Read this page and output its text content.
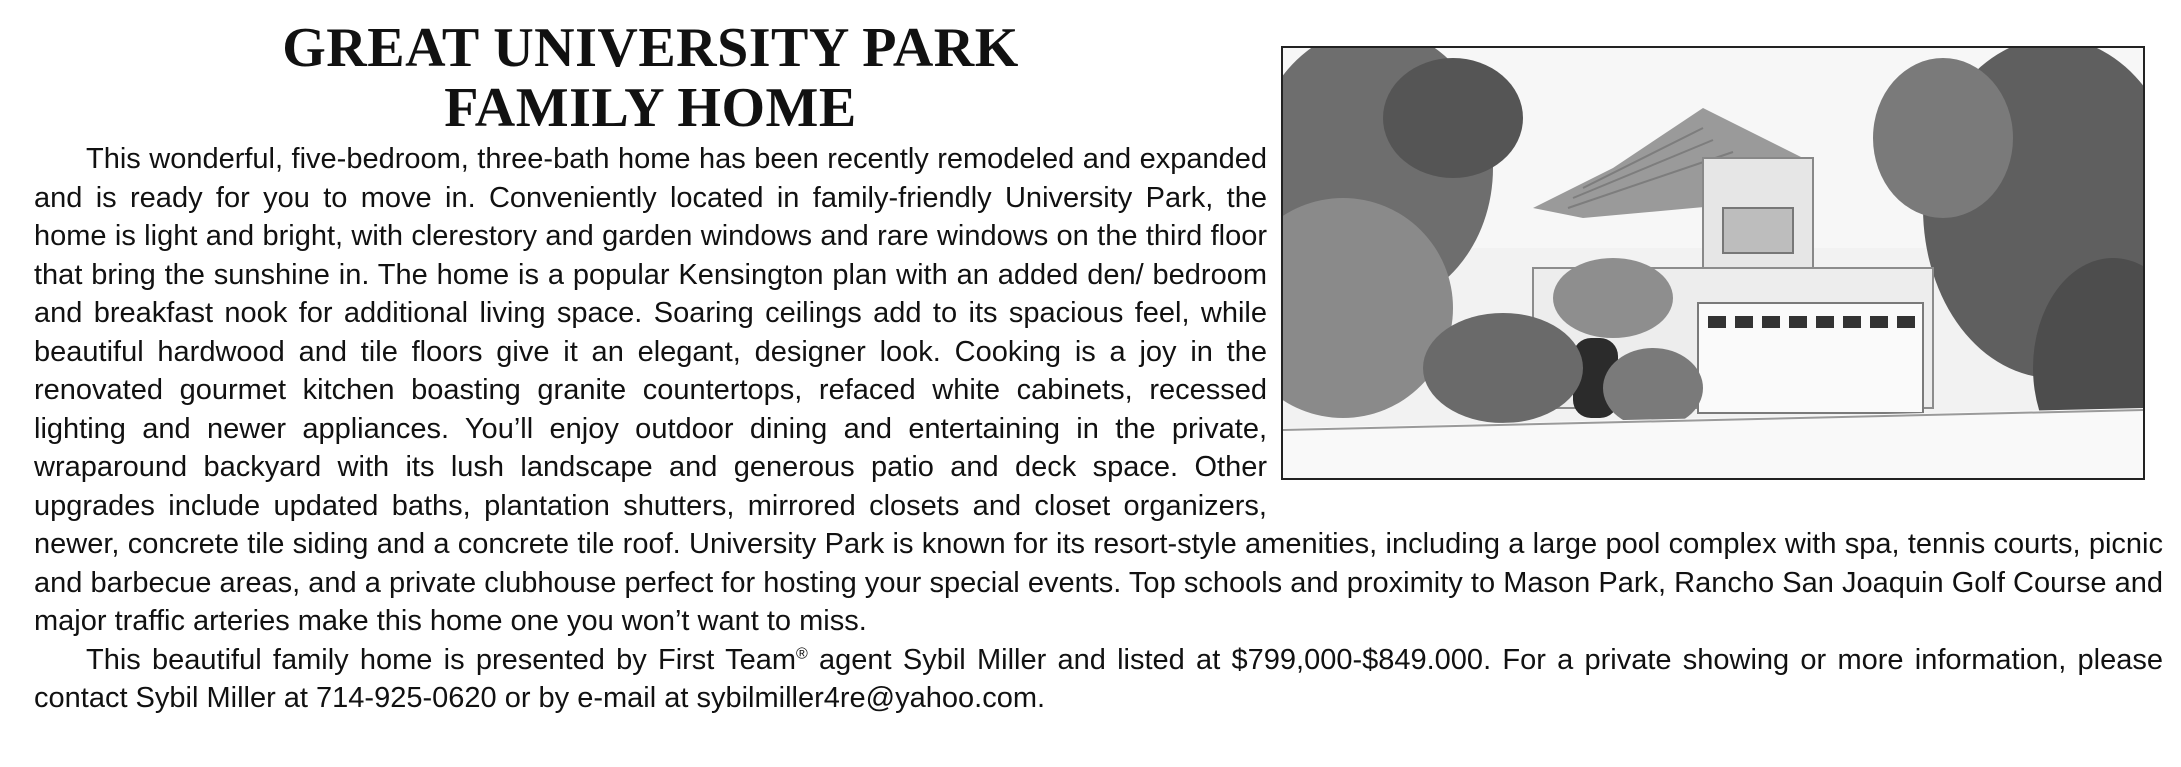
GREAT UNIVERSITY PARK
FAMILY HOME

This wonderful, five-bedroom, three-bath home has been recently remodeled and expanded and is ready for you to move in. Conveniently located in family-friendly University Park, the home is light and bright, with clerestory and garden windows and rare windows on the third floor that bring the sunshine in. The home is a popular Kensington plan with an added den/ bedroom and breakfast nook for additional living space. Soaring ceilings add to its spacious feel, while beautiful hardwood and tile floors give it an elegant, designer look. Cooking is a joy in the renovated gourmet kitchen boasting granite countertops, refaced white cabinets, recessed lighting and newer appliances. You’ll enjoy outdoor dining and entertaining in the private, wraparound backyard with its lush landscape and generous patio and deck space. Other upgrades include updated baths, plantation shutters, mirrored closets and closet organizers, newer, concrete tile siding and a concrete tile roof. University Park is known for its resort-style amenities, including a large pool complex with spa, tennis courts, picnic and barbecue areas, and a private clubhouse perfect for hosting your special events. Top schools and proximity to Mason Park, Rancho San Joaquin Golf Course and major traffic arteries make this home one you won’t want to miss.

This beautiful family home is presented by First Team® agent Sybil Miller and listed at $799,000-$849.000. For a private showing or more information, please contact Sybil Miller at 714-925-0620 or by e-mail at sybilmiller4re@yahoo.com.
